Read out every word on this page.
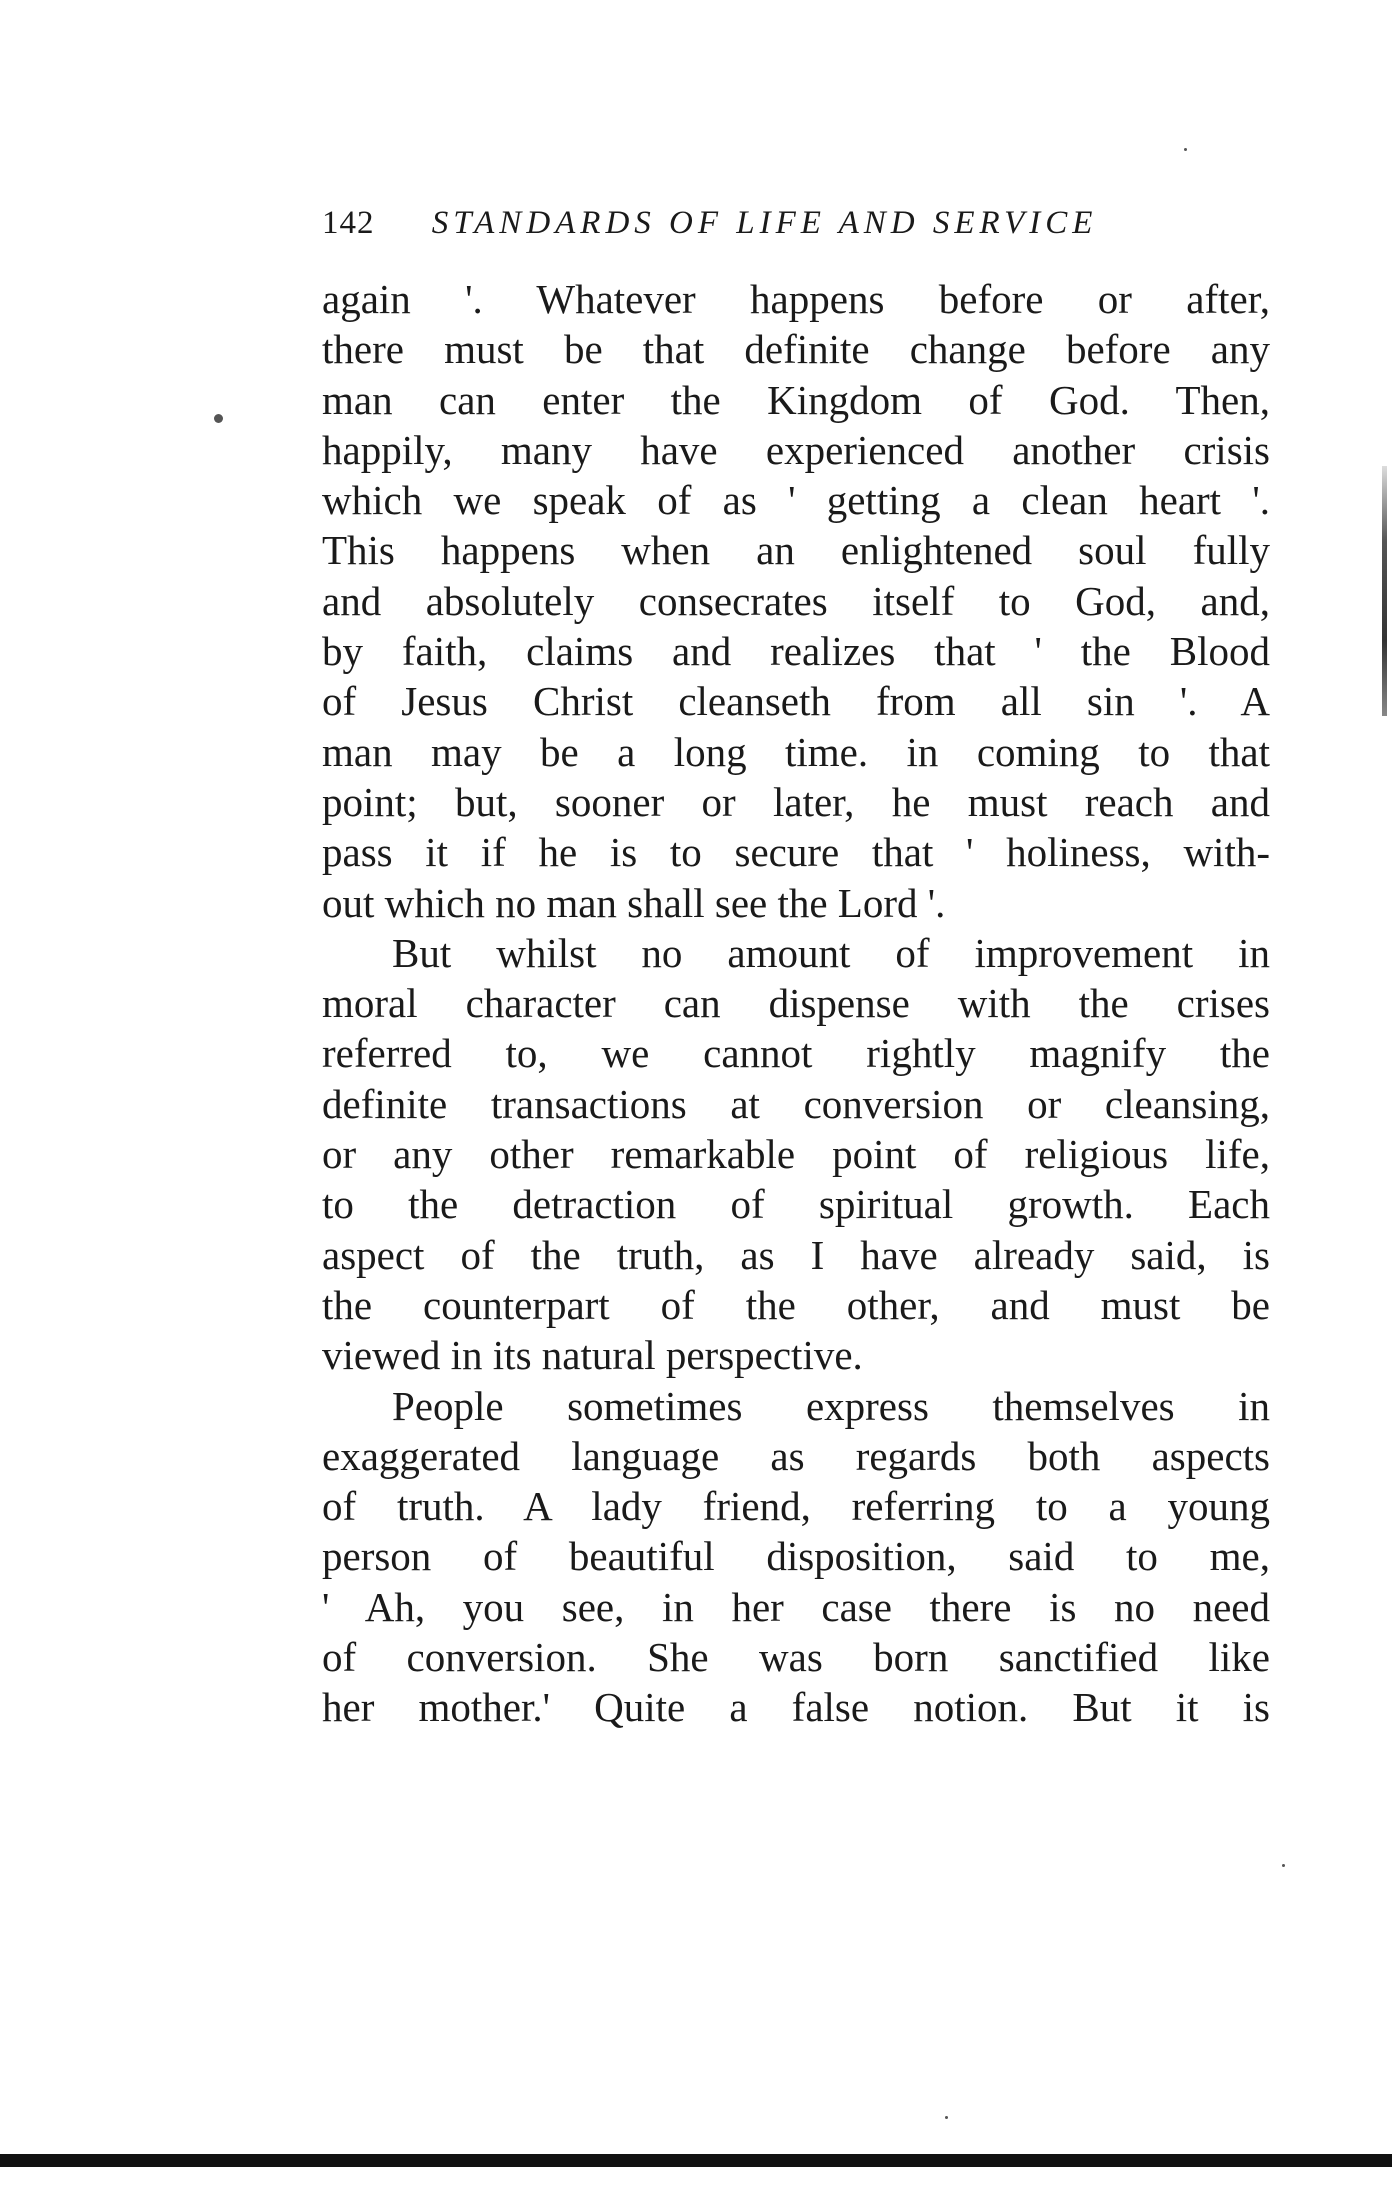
142 STANDARDS OF LIFE AND SERVICE
again '. Whatever happens before or after,
there must be that definite change before any
man can enter the Kingdom of God. Then,
happily, many have experienced another crisis
which we speak of as ' getting a clean heart '.
This happens when an enlightened soul fully
and absolutely consecrates itself to God, and,
by faith, claims and realizes that ' the Blood
of Jesus Christ cleanseth from all sin '. A
man may be a long time. in coming to that
point; but, sooner or later, he must reach and
pass it if he is to secure that ' holiness, with-
out which no man shall see the Lord '.
But whilst no amount of improvement in
moral character can dispense with the crises
referred to, we cannot rightly magnify the
definite transactions at conversion or cleansing,
or any other remarkable point of religious life,
to the detraction of spiritual growth. Each
aspect of the truth, as I have already said, is
the counterpart of the other, and must be
viewed in its natural perspective.
People sometimes express themselves in
exaggerated language as regards both aspects
of truth. A lady friend, referring to a young
person of beautiful disposition, said to me,
' Ah, you see, in her case there is no need
of conversion. She was born sanctified like
her mother.' Quite a false notion. But it is
